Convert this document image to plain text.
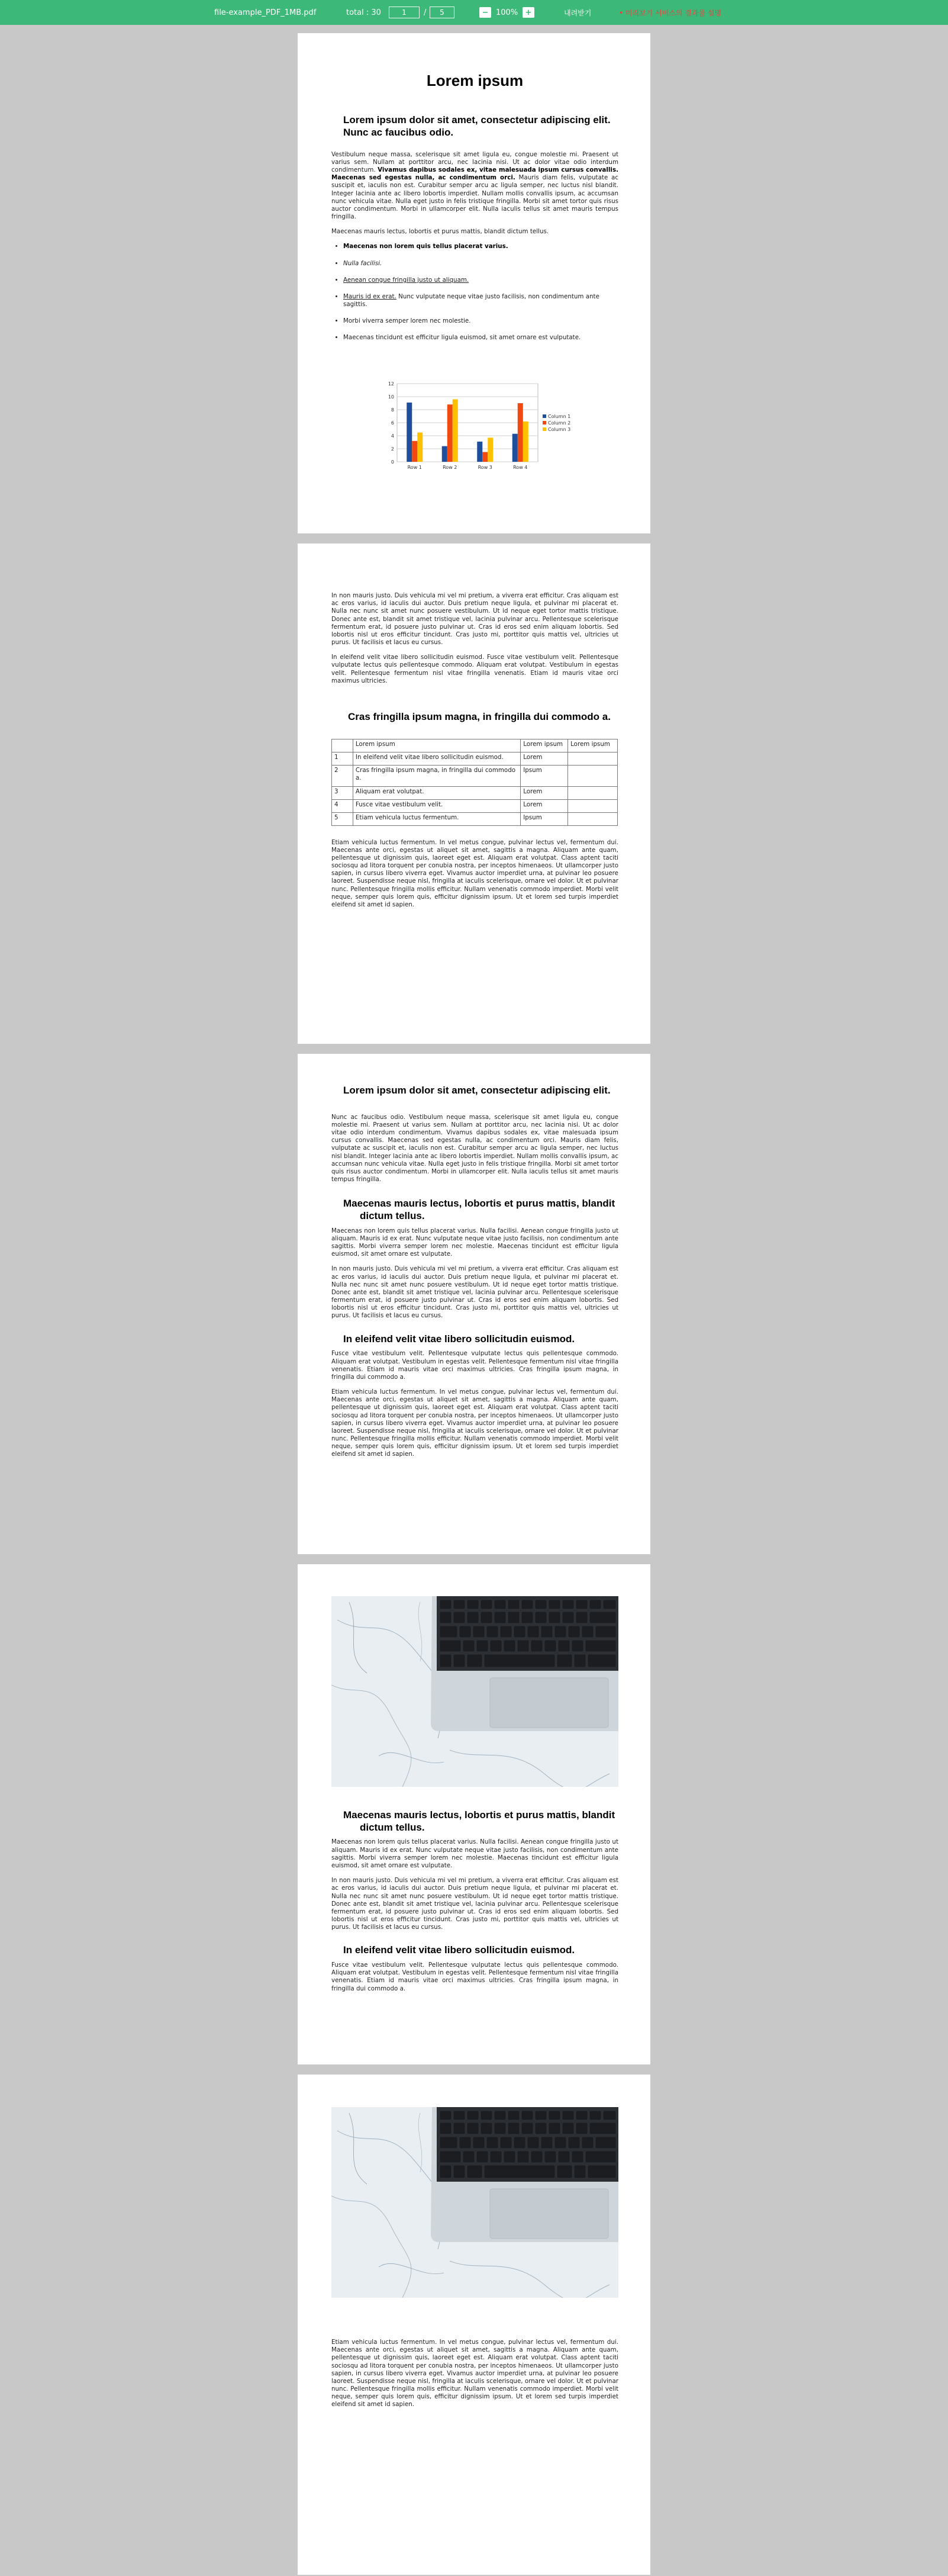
file-example_PDF_1MB.pdf	total : 30	1	/	5	− 100% +	내려받기	• 미리보기 서비스의 결과물 설명
Lorem ipsum
Lorem ipsum dolor sit amet, consectetur adipiscing elit. Nunc ac faucibus odio.

Vestibulum neque massa, scelerisque sit amet ligula eu, congue molestie mi. Praesent ut varius sem. Nullam at porttitor arcu, nec lacinia nisi. Ut ac dolor vitae odio interdum condimentum. Vivamus dapibus sodales ex, vitae malesuada ipsum cursus convallis. Maecenas sed egestas nulla, ac condimentum orci. Mauris diam felis, vulputate ac suscipit et, iaculis non est. Curabitur semper arcu ac ligula semper, nec luctus nisl blandit. Integer lacinia ante ac libero lobortis imperdiet. Nullam mollis convallis ipsum, ac accumsan nunc vehicula vitae. Nulla eget justo in felis tristique fringilla. Morbi sit amet tortor quis risus auctor condimentum. Morbi in ullamcorper elit. Nulla iaculis tellus sit amet mauris tempus fringilla.

Maecenas mauris lectus, lobortis et purus mattis, blandit dictum tellus.

• Maecenas non lorem quis tellus placerat varius.
• Nulla facilisi.
• Aenean congue fringilla justo ut aliquam.
• Mauris id ex erat. Nunc vulputate neque vitae justo facilisis, non condimentum ante sagittis.
• Morbi viverra semper lorem nec molestie.
• Maecenas tincidunt est efficitur ligula euismod, sit amet ornare est vulputate.
0
2
4
6
8
10
12
Row 1	Row 2	Row 3	Row 4
Column 1
Column 2
Column 3

In non mauris justo. Duis vehicula mi vel mi pretium, a viverra erat efficitur. Cras aliquam est ac eros varius, id iaculis dui auctor. Duis pretium neque ligula, et pulvinar mi placerat et. Nulla nec nunc sit amet nunc posuere vestibulum. Ut id neque eget tortor mattis tristique. Donec ante est, blandit sit amet tristique vel, lacinia pulvinar arcu. Pellentesque scelerisque fermentum erat, id posuere justo pulvinar ut. Cras id eros sed enim aliquam lobortis. Sed lobortis nisl ut eros efficitur tincidunt. Cras justo mi, porttitor quis mattis vel, ultricies ut purus. Ut facilisis et lacus eu cursus.

In eleifend velit vitae libero sollicitudin euismod. Fusce vitae vestibulum velit. Pellentesque vulputate lectus quis pellentesque commodo. Aliquam erat volutpat. Vestibulum in egestas velit. Pellentesque fermentum nisl vitae fringilla venenatis. Etiam id mauris vitae orci maximus ultricies.

Cras fringilla ipsum magna, in fringilla dui commodo a.
	Lorem ipsum	Lorem ipsum	Lorem ipsum
1	In eleifend velit vitae libero sollicitudin euismod.	Lorem	
2	Cras fringilla ipsum magna, in fringilla dui commodo a.	Ipsum	
3	Aliquam erat volutpat.	Lorem	
4	Fusce vitae vestibulum velit.	Lorem	
5	Etiam vehicula luctus fermentum.	Ipsum	

Etiam vehicula luctus fermentum. In vel metus congue, pulvinar lectus vel, fermentum dui. Maecenas ante orci, egestas ut aliquet sit amet, sagittis a magna. Aliquam ante quam, pellentesque ut dignissim quis, laoreet eget est. Aliquam erat volutpat. Class aptent taciti sociosqu ad litora torquent per conubia nostra, per inceptos himenaeos. Ut ullamcorper justo sapien, in cursus libero viverra eget. Vivamus auctor imperdiet urna, at pulvinar leo posuere laoreet. Suspendisse neque nisl, fringilla at iaculis scelerisque, ornare vel dolor. Ut et pulvinar nunc. Pellentesque fringilla mollis efficitur. Nullam venenatis commodo imperdiet. Morbi velit neque, semper quis lorem quis, efficitur dignissim ipsum. Ut et lorem sed turpis imperdiet eleifend sit amet id sapien.

Lorem ipsum dolor sit amet, consectetur adipiscing elit.

Nunc ac faucibus odio. Vestibulum neque massa, scelerisque sit amet ligula eu, congue molestie mi. Praesent ut varius sem. Nullam at porttitor arcu, nec lacinia nisi. Ut ac dolor vitae odio interdum condimentum. Vivamus dapibus sodales ex, vitae malesuada ipsum cursus convallis. Maecenas sed egestas nulla, ac condimentum orci. Mauris diam felis, vulputate ac suscipit et, iaculis non est. Curabitur semper arcu ac ligula semper, nec luctus nisl blandit. Integer lacinia ante ac libero lobortis imperdiet. Nullam mollis convallis ipsum, ac accumsan nunc vehicula vitae. Nulla eget justo in felis tristique fringilla. Morbi sit amet tortor quis risus auctor condimentum. Morbi in ullamcorper elit. Nulla iaculis tellus sit amet mauris tempus fringilla.

Maecenas mauris lectus, lobortis et purus mattis, blandit dictum tellus.

Maecenas non lorem quis tellus placerat varius. Nulla facilisi. Aenean congue fringilla justo ut aliquam. Mauris id ex erat. Nunc vulputate neque vitae justo facilisis, non condimentum ante sagittis. Morbi viverra semper lorem nec molestie. Maecenas tincidunt est efficitur ligula euismod, sit amet ornare est vulputate.

In non mauris justo. Duis vehicula mi vel mi pretium, a viverra erat efficitur. Cras aliquam est ac eros varius, id iaculis dui auctor. Duis pretium neque ligula, et pulvinar mi placerat et. Nulla nec nunc sit amet nunc posuere vestibulum. Ut id neque eget tortor mattis tristique. Donec ante est, blandit sit amet tristique vel, lacinia pulvinar arcu. Pellentesque scelerisque fermentum erat, id posuere justo pulvinar ut. Cras id eros sed enim aliquam lobortis. Sed lobortis nisl ut eros efficitur tincidunt. Cras justo mi, porttitor quis mattis vel, ultricies ut purus. Ut facilisis et lacus eu cursus.

In eleifend velit vitae libero sollicitudin euismod.

Fusce vitae vestibulum velit. Pellentesque vulputate lectus quis pellentesque commodo. Aliquam erat volutpat. Vestibulum in egestas velit. Pellentesque fermentum nisl vitae fringilla venenatis. Etiam id mauris vitae orci maximus ultricies. Cras fringilla ipsum magna, in fringilla dui commodo a.

Etiam vehicula luctus fermentum. In vel metus congue, pulvinar lectus vel, fermentum dui. Maecenas ante orci, egestas ut aliquet sit amet, sagittis a magna. Aliquam ante quam, pellentesque ut dignissim quis, laoreet eget est. Aliquam erat volutpat. Class aptent taciti sociosqu ad litora torquent per conubia nostra, per inceptos himenaeos. Ut ullamcorper justo sapien, in cursus libero viverra eget. Vivamus auctor imperdiet urna, at pulvinar leo posuere laoreet. Suspendisse neque nisl, fringilla at iaculis scelerisque, ornare vel dolor. Ut et pulvinar nunc. Pellentesque fringilla mollis efficitur. Nullam venenatis commodo imperdiet. Morbi velit neque, semper quis lorem quis, efficitur dignissim ipsum. Ut et lorem sed turpis imperdiet eleifend sit amet id sapien.

Maecenas mauris lectus, lobortis et purus mattis, blandit dictum tellus.

Maecenas non lorem quis tellus placerat varius. Nulla facilisi. Aenean congue fringilla justo ut aliquam. Mauris id ex erat. Nunc vulputate neque vitae justo facilisis, non condimentum ante sagittis. Morbi viverra semper lorem nec molestie. Maecenas tincidunt est efficitur ligula euismod, sit amet ornare est vulputate.

In non mauris justo. Duis vehicula mi vel mi pretium, a viverra erat efficitur. Cras aliquam est ac eros varius, id iaculis dui auctor. Duis pretium neque ligula, et pulvinar mi placerat et. Nulla nec nunc sit amet nunc posuere vestibulum. Ut id neque eget tortor mattis tristique. Donec ante est, blandit sit amet tristique vel, lacinia pulvinar arcu. Pellentesque scelerisque fermentum erat, id posuere justo pulvinar ut. Cras id eros sed enim aliquam lobortis. Sed lobortis nisl ut eros efficitur tincidunt. Cras justo mi, porttitor quis mattis vel, ultricies ut purus. Ut facilisis et lacus eu cursus.

In eleifend velit vitae libero sollicitudin euismod.

Fusce vitae vestibulum velit. Pellentesque vulputate lectus quis pellentesque commodo. Aliquam erat volutpat. Vestibulum in egestas velit. Pellentesque fermentum nisl vitae fringilla venenatis. Etiam id mauris vitae orci maximus ultricies. Cras fringilla ipsum magna, in fringilla dui commodo a.

Etiam vehicula luctus fermentum. In vel metus congue, pulvinar lectus vel, fermentum dui. Maecenas ante orci, egestas ut aliquet sit amet, sagittis a magna. Aliquam ante quam, pellentesque ut dignissim quis, laoreet eget est. Aliquam erat volutpat. Class aptent taciti sociosqu ad litora torquent per conubia nostra, per inceptos himenaeos. Ut ullamcorper justo sapien, in cursus libero viverra eget. Vivamus auctor imperdiet urna, at pulvinar leo posuere laoreet. Suspendisse neque nisl, fringilla at iaculis scelerisque, ornare vel dolor. Ut et pulvinar nunc. Pellentesque fringilla mollis efficitur. Nullam venenatis commodo imperdiet. Morbi velit neque, semper quis lorem quis, efficitur dignissim ipsum. Ut et lorem sed turpis imperdiet eleifend sit amet id sapien.
